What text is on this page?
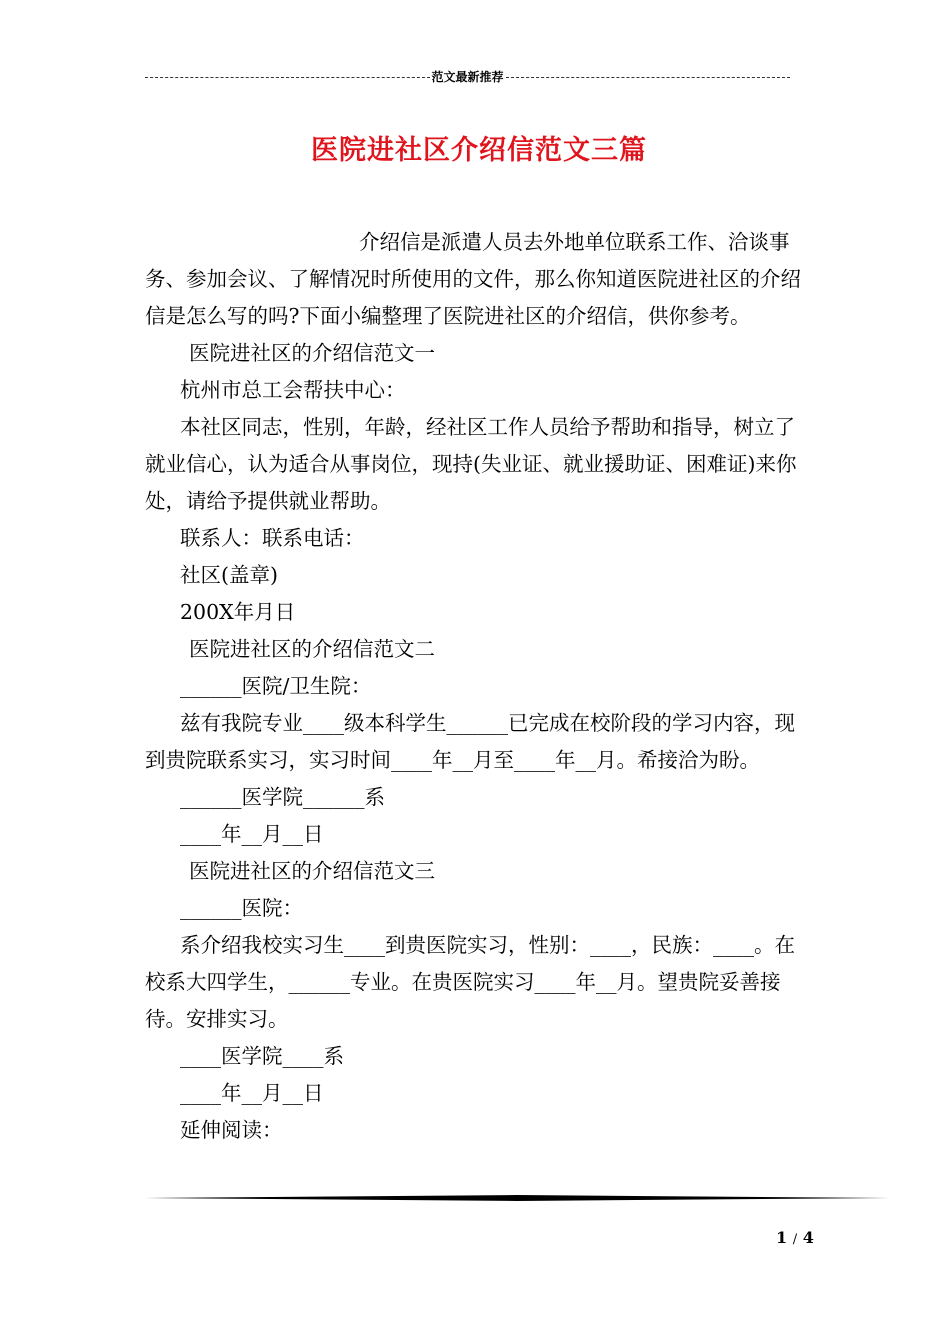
范文最新推荐
医院进社区介绍信范文三篇

介绍信是派遣人员去外地单位联系工作、洽谈事务、参加会议、了解情况时所使用的文件，那么你知道医院进社区的介绍信是怎么写的吗?下面小编整理了医院进社区的介绍信，供你参考。

医院进社区的介绍信范文一

杭州市总工会帮扶中心：

本社区同志，性别，年龄，经社区工作人员给予帮助和指导，树立了就业信心，认为适合从事岗位，现持(失业证、就业援助证、困难证)来你处，请给予提供就业帮助。

联系人：联系电话：

社区(盖章)

200X年月日

医院进社区的介绍信范文二

______医院/卫生院：

兹有我院专业____级本科学生______已完成在校阶段的学习内容，现到贵院联系实习，实习时间____年__月至____年__月。希接洽为盼。

______医学院______系

____年__月__日

医院进社区的介绍信范文三

______医院：

系介绍我校实习生____到贵医院实习，性别：____，民族：____。在校系大四学生，______专业。在贵医院实习____年__月。望贵院妥善接待。安排实习。

____医学院____系

____年__月__日

延伸阅读：

1 / 4
